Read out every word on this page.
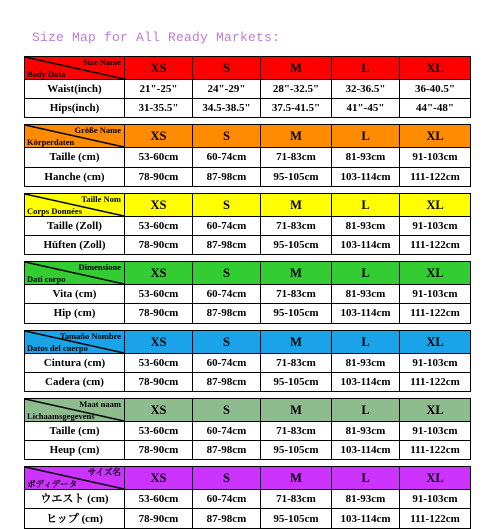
Size Map for All Ready Markets:
Size Name
Body Data	XS	S	M	L	XL
Waist(inch)	21"-25"	24"-29"	28"-32.5"	32-36.5"	36-40.5"
Hips(inch)	31-35.5"	34.5-38.5"	37.5-41.5"	41"-45"	44"-48"

Größe Name
Körperdaten	XS	S	M	L	XL
Taille (cm)	53-60cm	60-74cm	71-83cm	81-93cm	91-103cm
Hanche (cm)	78-90cm	87-98cm	95-105cm	103-114cm	111-122cm

Taille Nom
Corps Données	XS	S	M	L	XL
Taille (Zoll)	53-60cm	60-74cm	71-83cm	81-93cm	91-103cm
Hüften (Zoll)	78-90cm	87-98cm	95-105cm	103-114cm	111-122cm

Dimensione
Dati corpo	XS	S	M	L	XL
Vita (cm)	53-60cm	60-74cm	71-83cm	81-93cm	91-103cm
Hip (cm)	78-90cm	87-98cm	95-105cm	103-114cm	111-122cm

Tamaño Nombre
Datos del cuerpo	XS	S	M	L	XL
Cintura (cm)	53-60cm	60-74cm	71-83cm	81-93cm	91-103cm
Cadera (cm)	78-90cm	87-98cm	95-105cm	103-114cm	111-122cm

Maat naam
Lichaamsgegevens	XS	S	M	L	XL
Taille (cm)	53-60cm	60-74cm	71-83cm	81-93cm	91-103cm
Heup (cm)	78-90cm	87-98cm	95-105cm	103-114cm	111-122cm

サイズ名
ボディデータ	XS	S	M	L	XL
ウエスト (cm)	53-60cm	60-74cm	71-83cm	81-93cm	91-103cm
ヒップ (cm)	78-90cm	87-98cm	95-105cm	103-114cm	111-122cm
